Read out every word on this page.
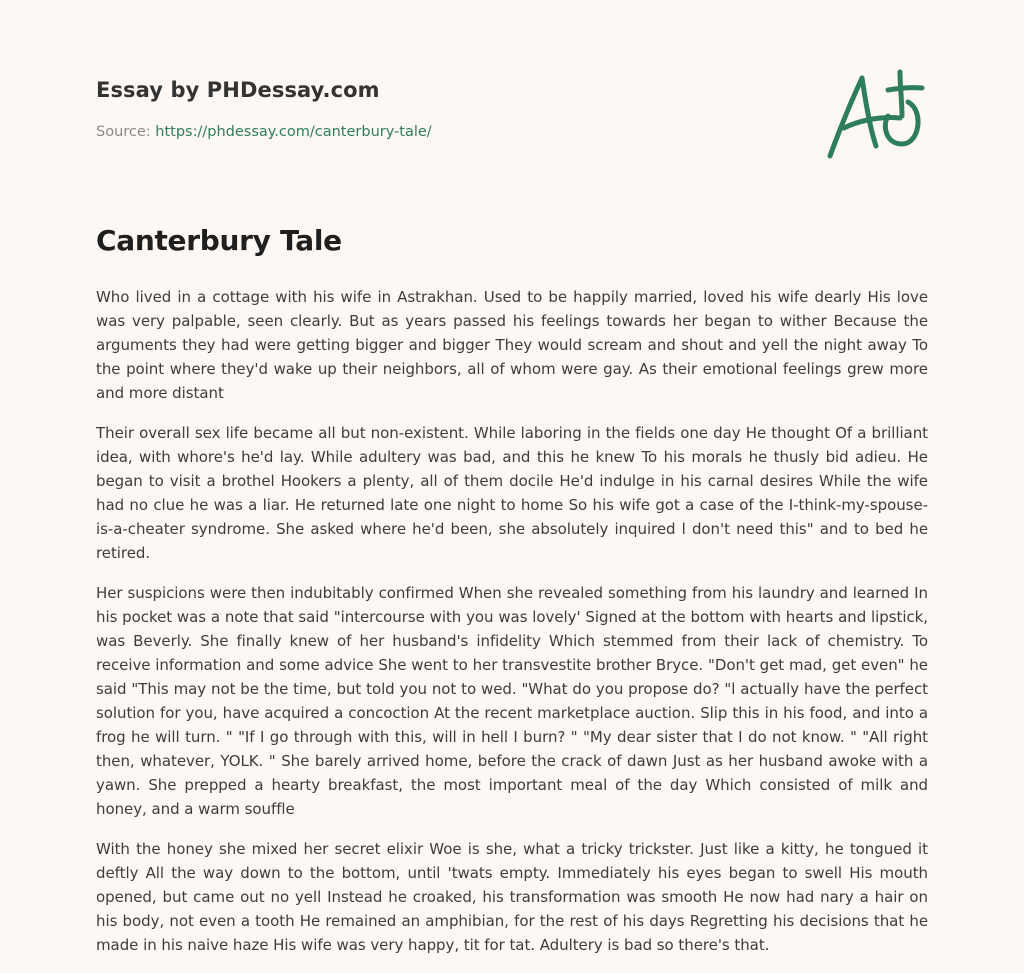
Essay by PHDessay.com
Source: https://phdessay.com/canterbury-tale/
Canterbury Tale

Who lived in a cottage with his wife in Astrakhan. Used to be happily married, loved his wife dearly His love was very palpable, seen clearly. But as years passed his feelings towards her began to wither Because the arguments they had were getting bigger and bigger They would scream and shout and yell the night away To the point where they'd wake up their neighbors, all of whom were gay. As their emotional feelings grew more and more distant

Their overall sex life became all but non-existent. While laboring in the fields one day He thought Of a brilliant idea, with whore's he'd lay. While adultery was bad, and this he knew To his morals he thusly bid adieu. He began to visit a brothel Hookers a plenty, all of them docile He'd indulge in his carnal desires While the wife had no clue he was a liar. He returned late one night to home So his wife got a case of the I-think-my-spouse-is-a-cheater syndrome. She asked where he'd been, she absolutely inquired l don't need this" and to bed he retired.

Her suspicions were then indubitably confirmed When she revealed something from his laundry and learned In his pocket was a note that said "intercourse with you was lovely' Signed at the bottom with hearts and lipstick, was Beverly. She finally knew of her husband's infidelity Which stemmed from their lack of chemistry. To receive information and some advice She went to her transvestite brother Bryce. "Don't get mad, get even" he said "This may not be the time, but told you not to wed. "What do you propose do? "l actually have the perfect solution for you, have acquired a concoction At the recent marketplace auction. Slip this in his food, and into a frog he will turn. " "If I go through with this, will in hell I burn? " "My dear sister that I do not know. " "All right then, whatever, YOLK. " She barely arrived home, before the crack of dawn Just as her husband awoke with a yawn. She prepped a hearty breakfast, the most important meal of the day Which consisted of milk and honey, and a warm souffle

With the honey she mixed her secret elixir Woe is she, what a tricky trickster. Just like a kitty, he tongued it deftly All the way down to the bottom, until 'twats empty. Immediately his eyes began to swell His mouth opened, but came out no yell Instead he croaked, his transformation was smooth He now had nary a hair on his body, not even a tooth He remained an amphibian, for the rest of his days Regretting his decisions that he made in his naive haze His wife was very happy, tit for tat. Adultery is bad so there's that.
